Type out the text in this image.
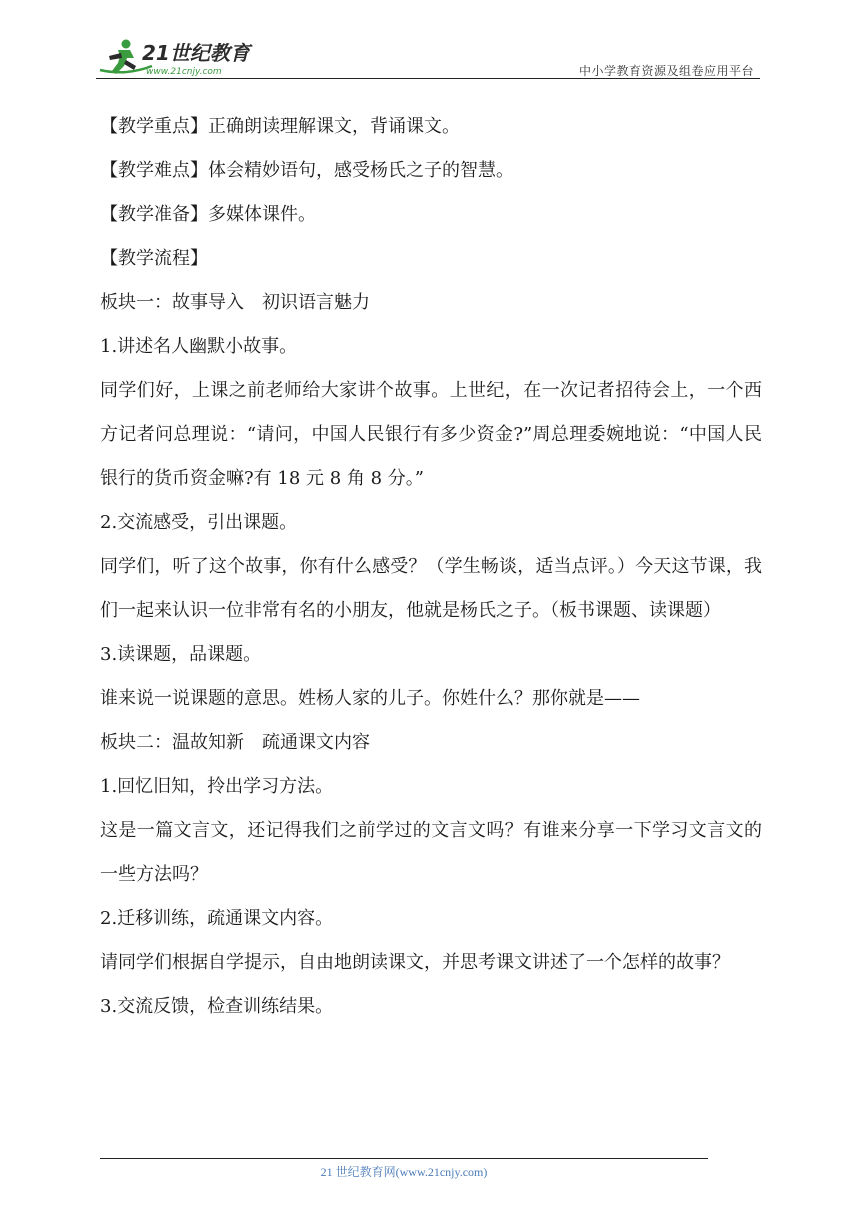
21世纪教育
www.21cnjy.com	中小学教育资源及组卷应用平台

【教学重点】正确朗读理解课文，背诵课文。

【教学难点】体会精妙语句，感受杨氏之子的智慧。

【教学准备】多媒体课件。

【教学流程】

板块一：故事导入　初识语言魅力

1.讲述名人幽默小故事。

同学们好，上课之前老师给大家讲个故事。上世纪，在一次记者招待会上，一个西方记者问总理说：“请问，中国人民银行有多少资金?”周总理委婉地说：“中国人民银行的货币资金嘛?有 18 元 8 角 8 分。”

2.交流感受，引出课题。

同学们，听了这个故事，你有什么感受？（学生畅谈，适当点评。）今天这节课，我们一起来认识一位非常有名的小朋友，他就是杨氏之子。（板书课题、读课题）

3.读课题，品课题。

谁来说一说课题的意思。姓杨人家的儿子。你姓什么？那你就是——

板块二：温故知新　疏通课文内容

1.回忆旧知，拎出学习方法。

这是一篇文言文，还记得我们之前学过的文言文吗？有谁来分享一下学习文言文的一些方法吗？

2.迁移训练，疏通课文内容。

请同学们根据自学提示，自由地朗读课文，并思考课文讲述了一个怎样的故事？

3.交流反馈，检查训练结果。

21 世纪教育网(www.21cnjy.com)
